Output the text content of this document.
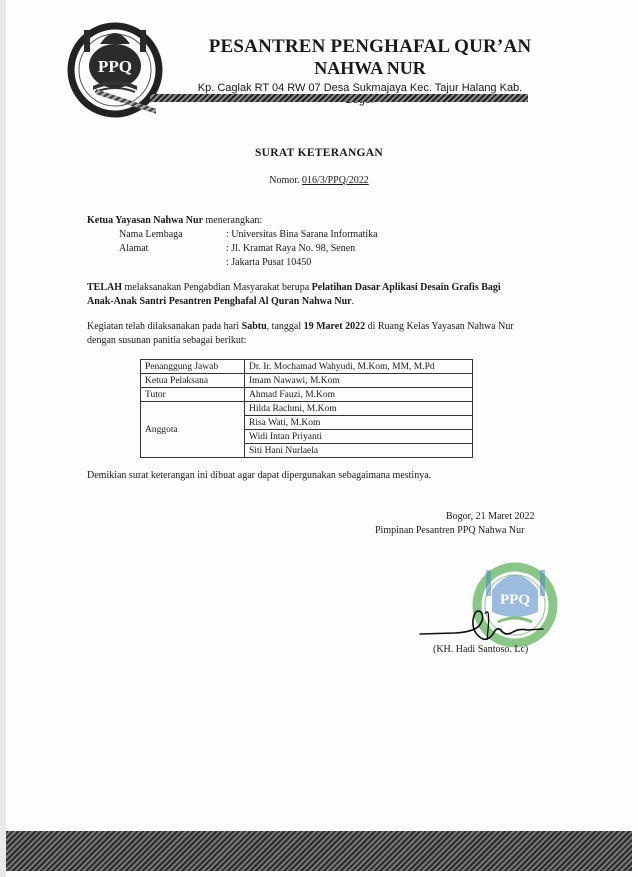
PPQ
PESANTREN PENGHAFAL QUR’AN
NAHWA NUR
Kp. Caglak RT 04 RW 07 Desa Sukmajaya Kec. Tajur Halang Kab.
SURAT KETERANGAN
Nomor. 016/3/PPQ/2022
Ketua Yayasan Nahwa Nur menerangkan:
Nama Lembaga	: Universitas Bina Sarana Informatika
Alamat	: Jl. Kramat Raya No. 98, Senen
: Jakarta Pusat 10450
TELAH melaksanakan Pengabdian Masyarakat berupa Pelatihan Dasar Aplikasi Desain Grafis Bagi
Anak-Anak Santri Pesantren Penghafal Al Quran Nahwa Nur.
Kegiatan telah dilaksanakan pada hari Sabtu, tanggal 19 Maret 2022 di Ruang Kelas Yayasan Nahwa Nur
dengan susunan panitia sebagai berikut:
Penanggung Jawab	Dr. Ir. Mochamad Wahyudi, M.Kom, MM, M.Pd
Ketua Pelaksana	Imam Nawawi, M.Kom
Tutor	Ahmad Fauzi, M.Kom
Anggota	Hilda Rachmi, M.Kom
	Risa Wati, M.Kom
	Widi Intan Priyanti
	Siti Hani Nurlaela
Demikian surat keterangan ini dibuat agar dapat dipergunakan sebagaimana mestinya.
Bogor, 21 Maret 2022
Pimpinan Pesantren PPQ Nahwa Nur
PPQ
(KH. Hadi Santoso. Lc)
